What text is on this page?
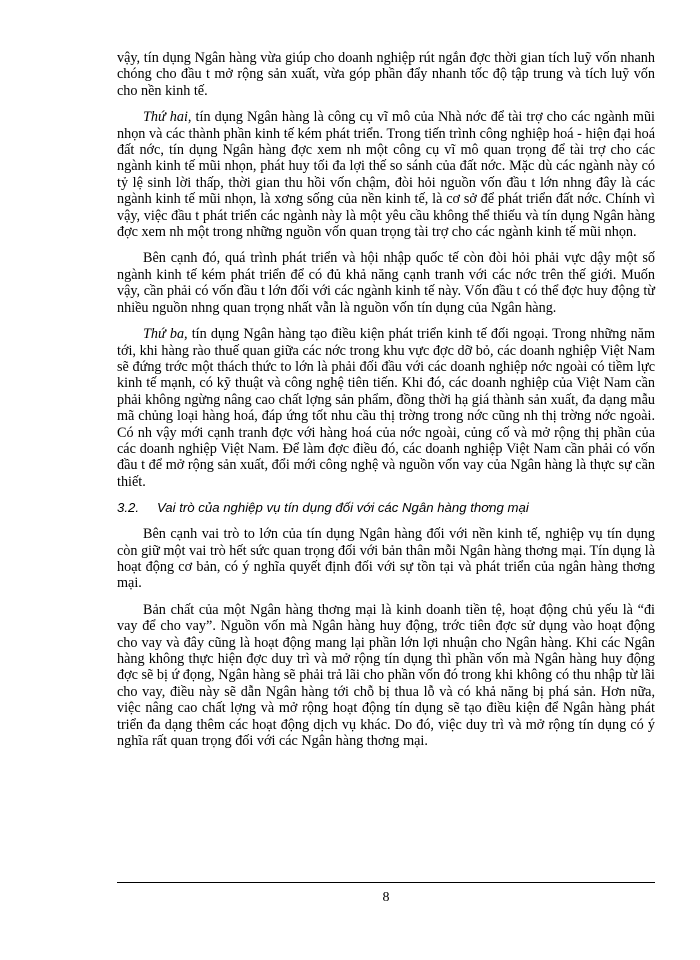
vậy, tín dụng Ngân hàng vừa giúp cho doanh nghiệp rút ngắn đợc thời gian tích luỹ vốn nhanh chóng cho đầu t mở rộng sản xuất, vừa góp phần đẩy nhanh tốc độ tập trung và tích luỹ vốn cho nền kinh tế.

Thứ hai, tín dụng Ngân hàng là công cụ vĩ mô của Nhà nớc để tài trợ cho các ngành mũi nhọn và các thành phần kinh tế kém phát triển. Trong tiến trình công nghiệp hoá - hiện đại hoá đất nớc, tín dụng Ngân hàng đợc xem nh một công cụ vĩ mô quan trọng để tài trợ cho các ngành kinh tế mũi nhọn, phát huy tối đa lợi thế so sánh của đất nớc. Mặc dù các ngành này có tỷ lệ sinh lời thấp, thời gian thu hồi vốn chậm, đòi hỏi nguồn vốn đầu t lớn nhng đây là các ngành kinh tế mũi nhọn, là xơng sống của nền kinh tế, là cơ sở để phát triển đất nớc. Chính vì vậy, việc đầu t phát triển các ngành này là một yêu cầu không thể thiếu và tín dụng Ngân hàng đợc xem nh một trong những nguồn vốn quan trọng tài trợ cho các ngành kinh tế mũi nhọn.

Bên cạnh đó, quá trình phát triển và hội nhập quốc tế còn đòi hỏi phải vực dậy một số ngành kinh tế kém phát triển để có đủ khả năng cạnh tranh với các nớc trên thế giới. Muốn vậy, cần phải có vốn đầu t lớn đối với các ngành kinh tế này. Vốn đầu t có thể đợc huy động từ nhiều nguồn nhng quan trọng nhất vẫn là nguồn vốn tín dụng của Ngân hàng.

Thứ ba, tín dụng Ngân hàng tạo điều kiện phát triển kinh tế đối ngoại. Trong những năm tới, khi hàng rào thuế quan giữa các nớc trong khu vực đợc dỡ bỏ, các doanh nghiệp Việt Nam sẽ đứng trớc một thách thức to lớn là phải đối đầu với các doanh nghiệp nớc ngoài có tiềm lực kinh tế mạnh, có kỹ thuật và công nghệ tiên tiến. Khi đó, các doanh nghiệp của Việt Nam cần phải không ngừng nâng cao chất lợng sản phẩm, đồng thời hạ giá thành sản xuất, đa dạng mẫu mã chủng loại hàng hoá, đáp ứng tốt nhu cầu thị trờng trong nớc cũng nh thị trờng nớc ngoài. Có nh vậy mới cạnh tranh đợc với hàng hoá của nớc ngoài, củng cố và mở rộng thị phần của các doanh nghiệp Việt Nam. Để làm đợc điều đó, các doanh nghiệp Việt Nam cần phải có vốn đầu t để mở rộng sản xuất, đổi mới công nghệ và nguồn vốn vay của Ngân hàng là thực sự cần thiết.

3.2.	Vai trò của nghiệp vụ tín dụng đối với các Ngân hàng thơng mại

Bên cạnh vai trò to lớn của tín dụng Ngân hàng đối với nền kinh tế, nghiệp vụ tín dụng còn giữ một vai trò hết sức quan trọng đối với bản thân mỗi Ngân hàng thơng mại. Tín dụng là hoạt động cơ bản, có ý nghĩa quyết định đối với sự tồn tại và phát triển của ngân hàng thơng mại.

Bản chất của một Ngân hàng thơng mại là kinh doanh tiền tệ, hoạt động chủ yếu là “đi vay để cho vay”. Nguồn vốn mà Ngân hàng huy động, trớc tiên đợc sử dụng vào hoạt động cho vay và đây cũng là hoạt động mang lại phần lớn lợi nhuận cho Ngân hàng. Khi các Ngân hàng không thực hiện đợc duy trì và mở rộng tín dụng thì phần vốn mà Ngân hàng huy động đợc sẽ bị ứ đọng, Ngân hàng sẽ phải trả lãi cho phần vốn đó trong khi không có thu nhập từ lãi cho vay, điều này sẽ dẫn Ngân hàng tới chỗ bị thua lỗ và có khả năng bị phá sản. Hơn nữa, việc nâng cao chất lợng và mở rộng hoạt động tín dụng sẽ tạo điều kiện để Ngân hàng phát triển đa dạng thêm các hoạt động dịch vụ khác. Do đó, việc duy trì và mở rộng tín dụng có ý nghĩa rất quan trọng đối với các Ngân hàng thơng mại.

8
